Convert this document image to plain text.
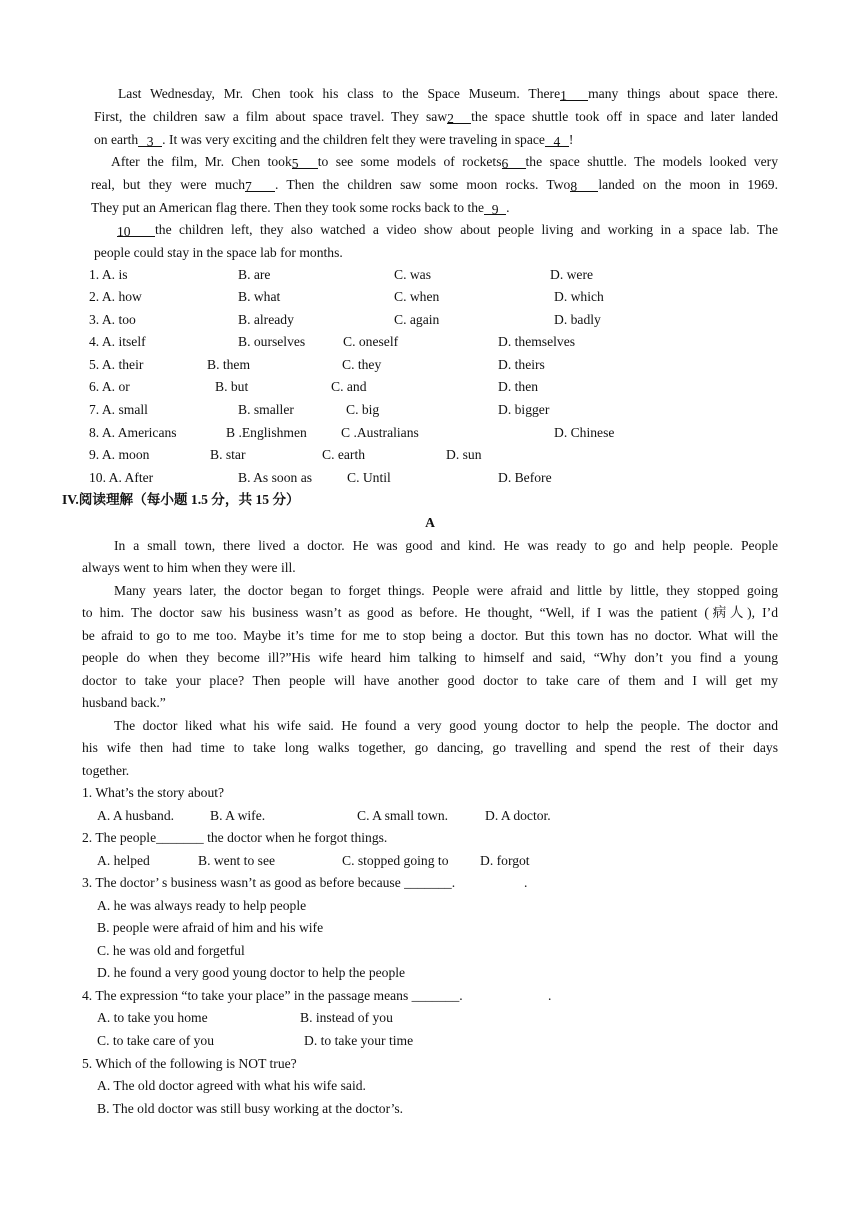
Last Wednesday, Mr. Chen took his class to the Space Museum. There1 many things about space there.
First, the children saw a film about space travel. They saw2 the space shuttle took off in space and later landed
on earth 3 . It was very exciting and the children felt they were traveling in space 4 !
After the film, Mr. Chen took5 to see some models of rockets6 the space shuttle. The models looked very
real, but they were much7 . Then the children saw some moon rocks. Two8 landed on the moon in 1969.
They put an American flag there. Then they took some rocks back to the 9 .
10 the children left, they also watched a video show about people living and working in a space lab. The
people could stay in the space lab for months.
1. A. is	B. are	C. was	D. were
2. A. how	B. what	C. when	D. which
3. A. too	B. already	C. again	D. badly
4. A. itself	B. ourselves	C. oneself	D. themselves
5. A. their	B. them	C. they	D. theirs
6. A. or	B. but	C. and	D. then
7. A. small	B. smaller	C. big	D. bigger
8. A. Americans	B .Englishmen	C .Australians	D. Chinese
9. A. moon	B. star	C. earth	D. sun
10. A. After	B. As soon as	C. Until	D. Before
IV.阅读理解（每小题 1.5 分，共 15 分）
A
In a small town, there lived a doctor. He was good and kind. He was ready to go and help people. People
always went to him when they were ill.
Many years later, the doctor began to forget things. People were afraid and little by little, they stopped going
to him. The doctor saw his business wasn’t as good as before. He thought, “Well, if I was the patient (病人), I’d
be afraid to go to me too. Maybe it’s time for me to stop being a doctor. But this town has no doctor. What will the
people do when they become ill?”His wife heard him talking to himself and said, “Why don’t you find a young
doctor to take your place? Then people will have another good doctor to take care of them and I will get my
husband back.”
The doctor liked what his wife said. He found a very good young doctor to help the people. The doctor and
his wife then had time to take long walks together, go dancing, go travelling and spend the rest of their days
together.
1. What’s the story about?
A. A husband.	B. A wife.	C. A small town.	D. A doctor.
2. The people_______ the doctor when he forgot things.
A. helped	B. went to see	C. stopped going to D. forgot
3. The doctor’ s business wasn’t as good as before because _______.	.
A. he was always ready to help people
B. people were afraid of him and his wife
C. he was old and forgetful
D. he found a very good young doctor to help the people
4. The expression “to take your place” in the passage means _______.	.
A. to take you home	B. instead of you
C. to take care of you	D. to take your time
5. Which of the following is NOT true?
A. The old doctor agreed with what his wife said.
B. The old doctor was still busy working at the doctor’s.
